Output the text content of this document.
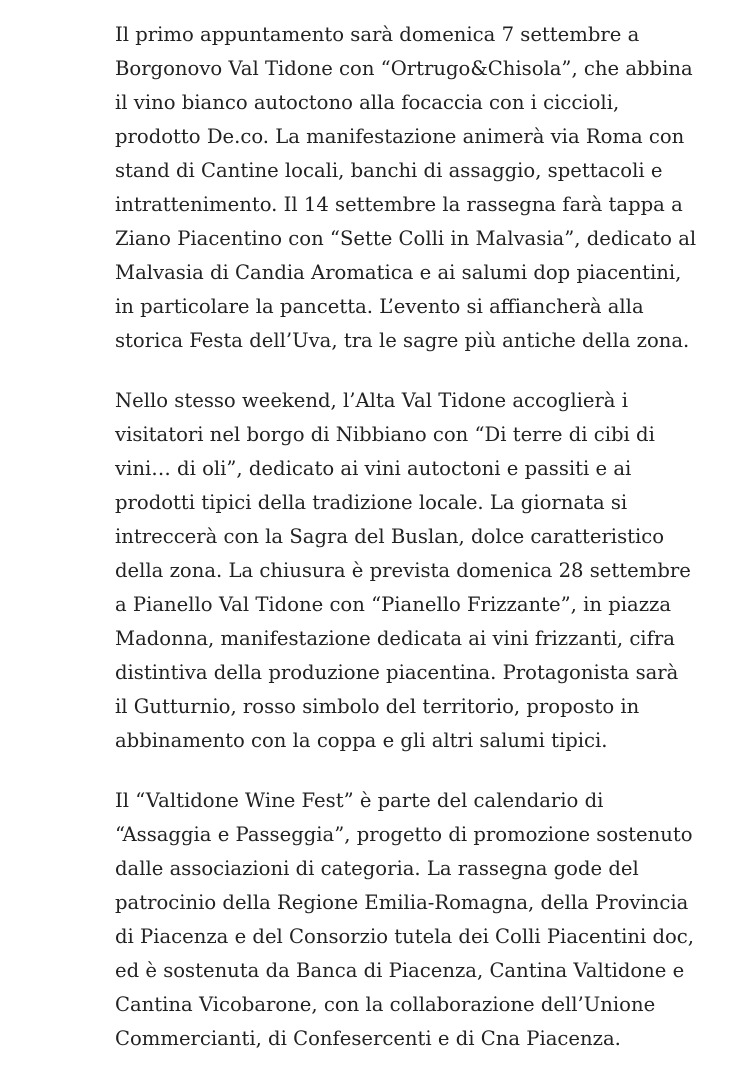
Il primo appuntamento sarà domenica 7 settembre a
Borgonovo Val Tidone con “Ortrugo&Chisola”, che abbina
il vino bianco autoctono alla focaccia con i ciccioli,
prodotto De.co. La manifestazione animerà via Roma con
stand di Cantine locali, banchi di assaggio, spettacoli e
intrattenimento. Il 14 settembre la rassegna farà tappa a
Ziano Piacentino con “Sette Colli in Malvasia”, dedicato al
Malvasia di Candia Aromatica e ai salumi dop piacentini,
in particolare la pancetta. L’evento si affiancherà alla
storica Festa dell’Uva, tra le sagre più antiche della zona.

Nello stesso weekend, l’Alta Val Tidone accoglierà i
visitatori nel borgo di Nibbiano con “Di terre di cibi di
vini… di oli”, dedicato ai vini autoctoni e passiti e ai
prodotti tipici della tradizione locale. La giornata si
intreccerà con la Sagra del Buslan, dolce caratteristico
della zona. La chiusura è prevista domenica 28 settembre
a Pianello Val Tidone con “Pianello Frizzante”, in piazza
Madonna, manifestazione dedicata ai vini frizzanti, cifra
distintiva della produzione piacentina. Protagonista sarà
il Gutturnio, rosso simbolo del territorio, proposto in
abbinamento con la coppa e gli altri salumi tipici.

Il “Valtidone Wine Fest” è parte del calendario di
“Assaggia e Passeggia”, progetto di promozione sostenuto
dalle associazioni di categoria. La rassegna gode del
patrocinio della Regione Emilia-Romagna, della Provincia
di Piacenza e del Consorzio tutela dei Colli Piacentini doc,
ed è sostenuta da Banca di Piacenza, Cantina Valtidone e
Cantina Vicobarone, con la collaborazione dell’Unione
Commercianti, di Confesercenti e di Cna Piacenza.
